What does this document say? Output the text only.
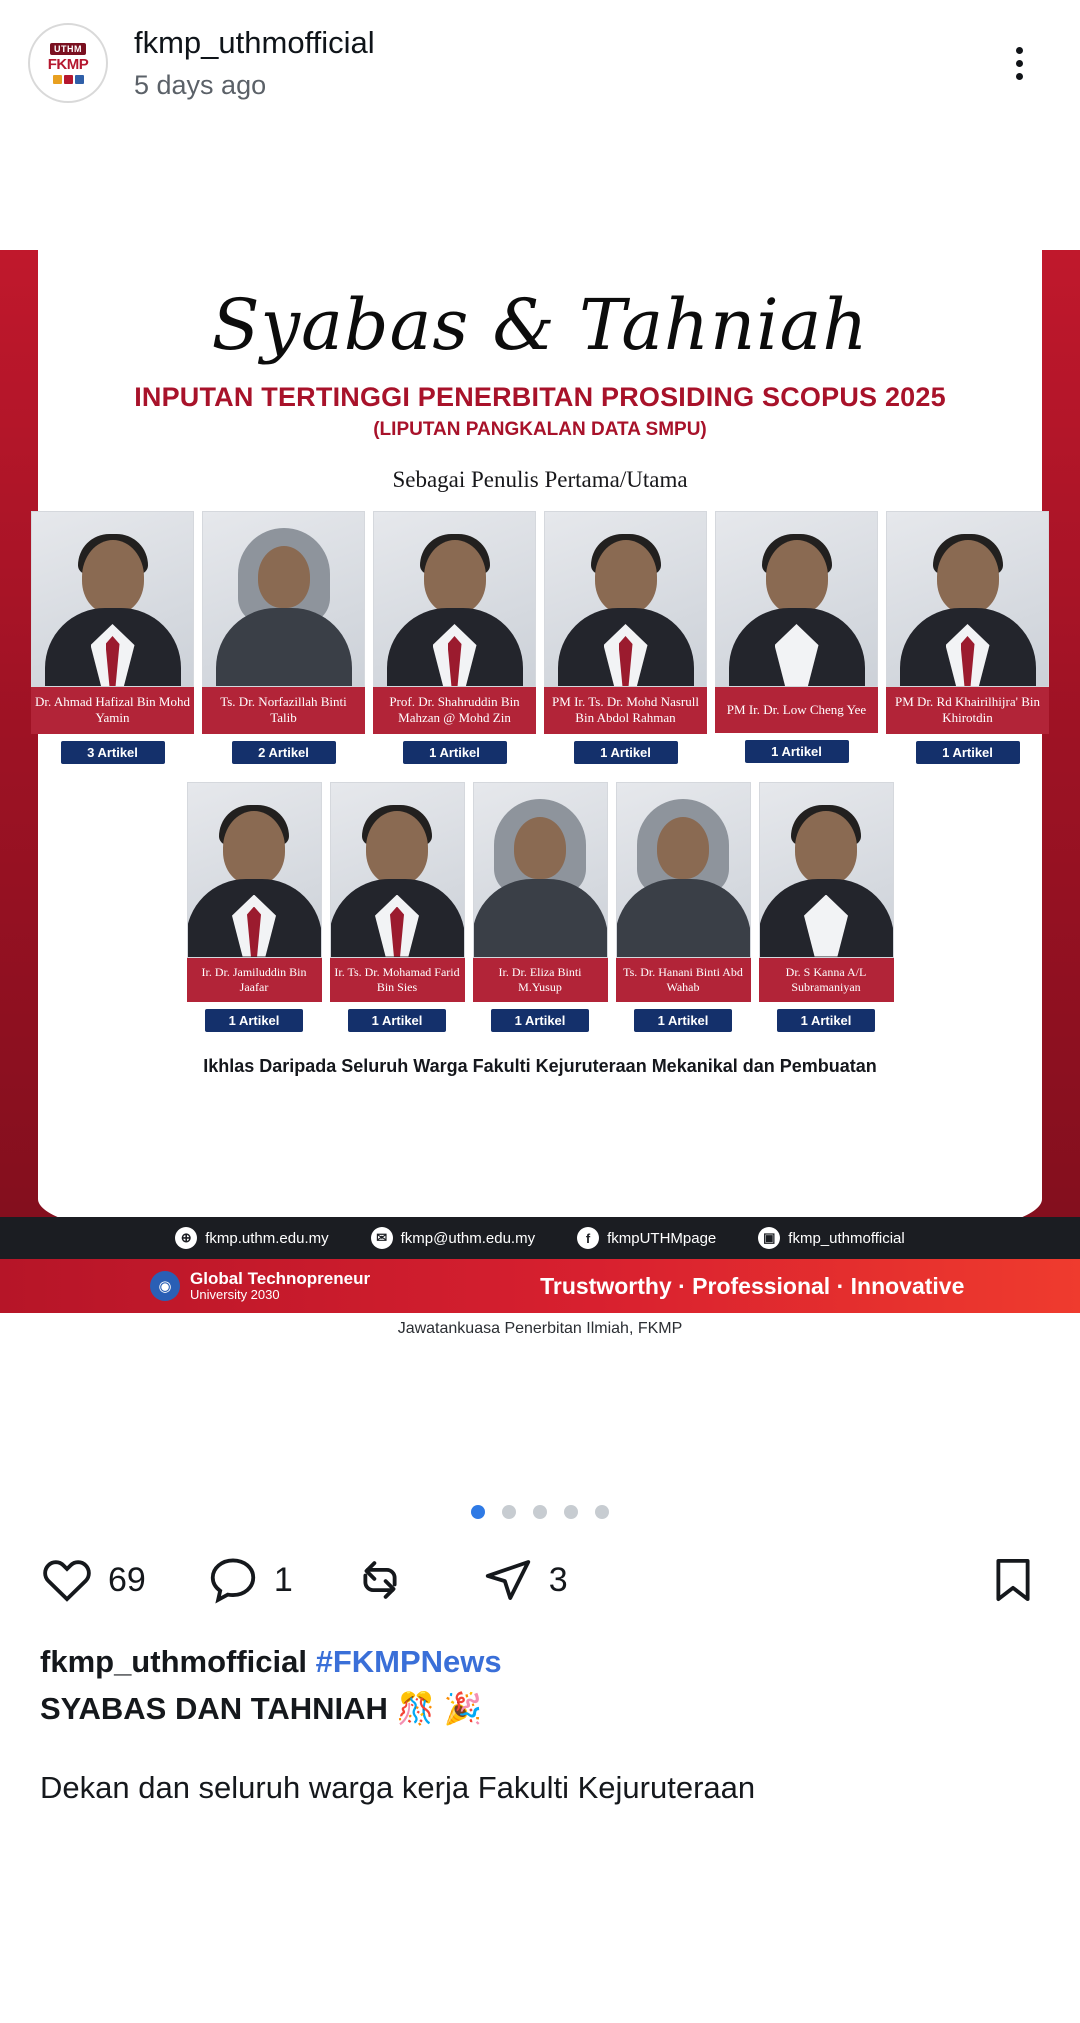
UTHM
FKMP
fkmp_uthmofficial
5 days ago
Syabas & Tahniah
INPUTAN TERTINGGI PENERBITAN PROSIDING SCOPUS 2025
(LIPUTAN PANGKALAN DATA SMPU)
Sebagai Penulis Pertama/Utama
Dr. Ahmad Hafizal Bin Mohd Yamin
3 Artikel
Ts. Dr. Norfazillah Binti Talib
2 Artikel
Prof. Dr. Shahruddin Bin Mahzan @ Mohd Zin
1 Artikel
PM Ir. Ts. Dr. Mohd Nasrull Bin Abdol Rahman
1 Artikel
PM Ir. Dr. Low Cheng Yee
1 Artikel
PM Dr. Rd Khairilhijra' Bin Khirotdin
1 Artikel
Ir. Dr. Jamiluddin Bin Jaafar
1 Artikel
Ir. Ts. Dr. Mohamad Farid Bin Sies
1 Artikel
Ir. Dr. Eliza Binti M.Yusup
1 Artikel
Ts. Dr. Hanani Binti Abd Wahab
1 Artikel
Dr. S Kanna A/L Subramaniyan
1 Artikel
Ikhlas Daripada Seluruh Warga Fakulti Kejuruteraan Mekanikal dan Pembuatan
⊕ fkmp.uthm.edu.my	✉ fkmp@uthm.edu.my	f	fkmpUTHMpage	▣ fkmp_uthmofficial
◉	Global Technopreneur
University 2030	Trustworthy · Professional · Innovative
Jawatankuasa Penerbitan Ilmiah, FKMP
69	1	3
fkmp_uthmofficial #FKMPNews
SYABAS DAN TAHNIAH 🎊 🎉
Dekan dan seluruh warga kerja Fakulti Kejuruteraan
